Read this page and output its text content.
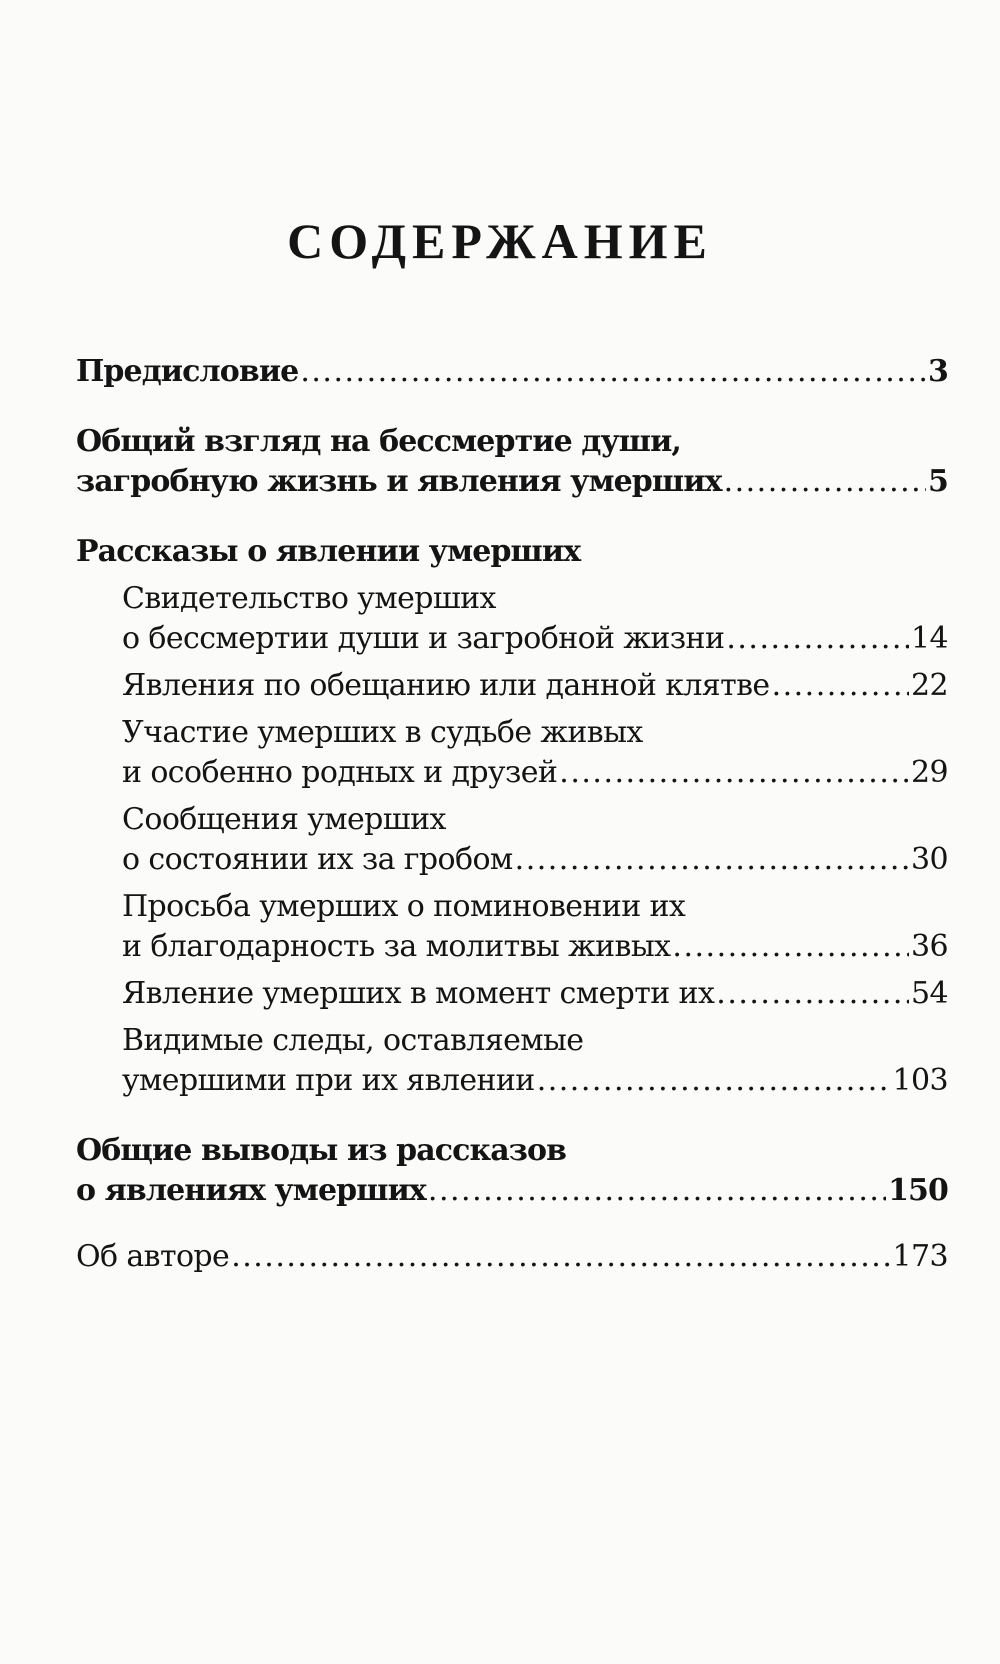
СОДЕРЖАНИЕ
Предисловие .....	3
Общий взгляд на бессмертие души,
загробную жизнь и явления умерших .....	5
Рассказы о явлении умерших
Свидетельство умерших
о бессмертии души и загробной жизни .....	14
Явления по обещанию или данной клятве .....	22
Участие умерших в судьбе живых
и особенно родных и друзей .....	29
Сообщения умерших
о состоянии их за гробом .....	30
Просьба умерших о поминовении их
и благодарность за молитвы живых .....	36
Явление умерших в момент смерти их .....	54
Видимые следы, оставляемые
умершими при их явлении .....	103
Общие выводы из рассказов
о явлениях умерших .....	150
Об авторе .....	173
